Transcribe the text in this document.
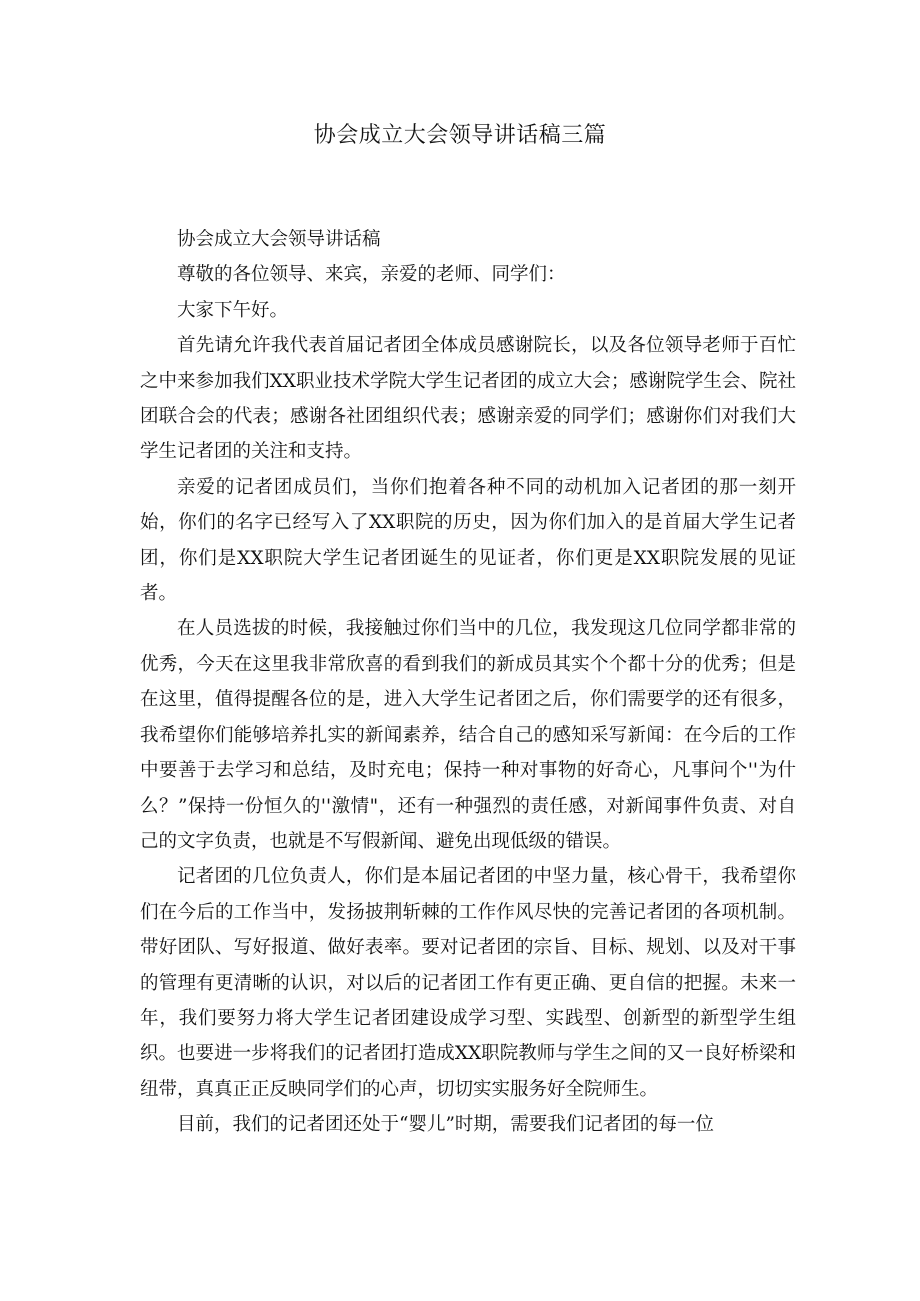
协会成立大会领导讲话稿三篇

协会成立大会领导讲话稿

尊敬的各位领导、来宾，亲爱的老师、同学们：

大家下午好。

首先请允许我代表首届记者团全体成员感谢院长，以及各位领导老师于百忙之中来参加我们XX职业技术学院大学生记者团的成立大会；感谢院学生会、院社团联合会的代表；感谢各社团组织代表；感谢亲爱的同学们；感谢你们对我们大学生记者团的关注和支持。

亲爱的记者团成员们，当你们抱着各种不同的动机加入记者团的那一刻开始，你们的名字已经写入了XX职院的历史，因为你们加入的是首届大学生记者团，你们是XX职院大学生记者团诞生的见证者，你们更是XX职院发展的见证者。

在人员选拔的时候，我接触过你们当中的几位，我发现这几位同学都非常的优秀，今天在这里我非常欣喜的看到我们的新成员其实个个都十分的优秀；但是在这里，值得提醒各位的是，进入大学生记者团之后，你们需要学的还有很多，我希望你们能够培养扎实的新闻素养，结合自己的感知采写新闻：在今后的工作中要善于去学习和总结，及时充电；保持一种对事物的好奇心，凡事问个''为什么？”保持一份恒久的''激情"，还有一种强烈的责任感，对新闻事件负责、对自己的文字负责，也就是不写假新闻、避免出现低级的错误。

记者团的几位负责人，你们是本届记者团的中坚力量，核心骨干，我希望你们在今后的工作当中，发扬披荆斩棘的工作作风尽快的完善记者团的各项机制。带好团队、写好报道、做好表率。要对记者团的宗旨、目标、规划、以及对干事的管理有更清晰的认识，对以后的记者团工作有更正确、更自信的把握。未来一年，我们要努力将大学生记者团建设成学习型、实践型、创新型的新型学生组织。也要进一步将我们的记者团打造成XX职院教师与学生之间的又一良好桥梁和纽带，真真正正反映同学们的心声，切切实实服务好全院师生。

目前，我们的记者团还处于“婴儿”时期，需要我们记者团的每一位
